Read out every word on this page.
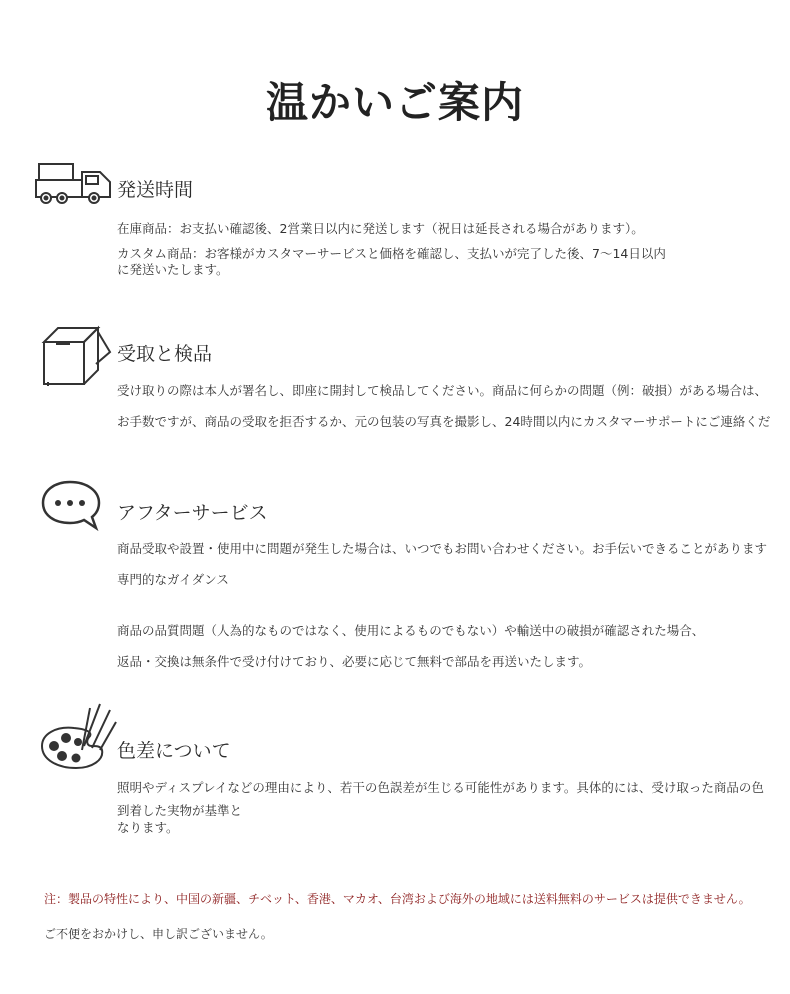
温かいご案内
発送時間
在庫商品：お支払い確認後、2営業日以内に発送します（祝日は延長される場合があります）。
カスタム商品：お客様がカスタマーサービスと価格を確認し、支払いが完了した後、7～14日以内
に発送いたします。
受取と検品
受け取りの際は本人が署名し、即座に開封して検品してください。商品に何らかの問題（例：破損）がある場合は、
お手数ですが、商品の受取を拒否するか、元の包装の写真を撮影し、24時間以内にカスタマーサポートにご連絡くだ
アフターサービス
商品受取や設置・使用中に問題が発生した場合は、いつでもお問い合わせください。お手伝いできることがあります
専門的なガイダンス
商品の品質問題（人為的なものではなく、使用によるものでもない）や輸送中の破損が確認された場合、
返品・交換は無条件で受け付けており、必要に応じて無料で部品を再送いたします。
色差について
照明やディスプレイなどの理由により、若干の色誤差が生じる可能性があります。具体的には、受け取った商品の色
到着した実物が基準と
なります。
注：製品の特性により、中国の新疆、チベット、香港、マカオ、台湾および海外の地域には送料無料のサービスは提供できません。
ご不便をおかけし、申し訳ございません。
